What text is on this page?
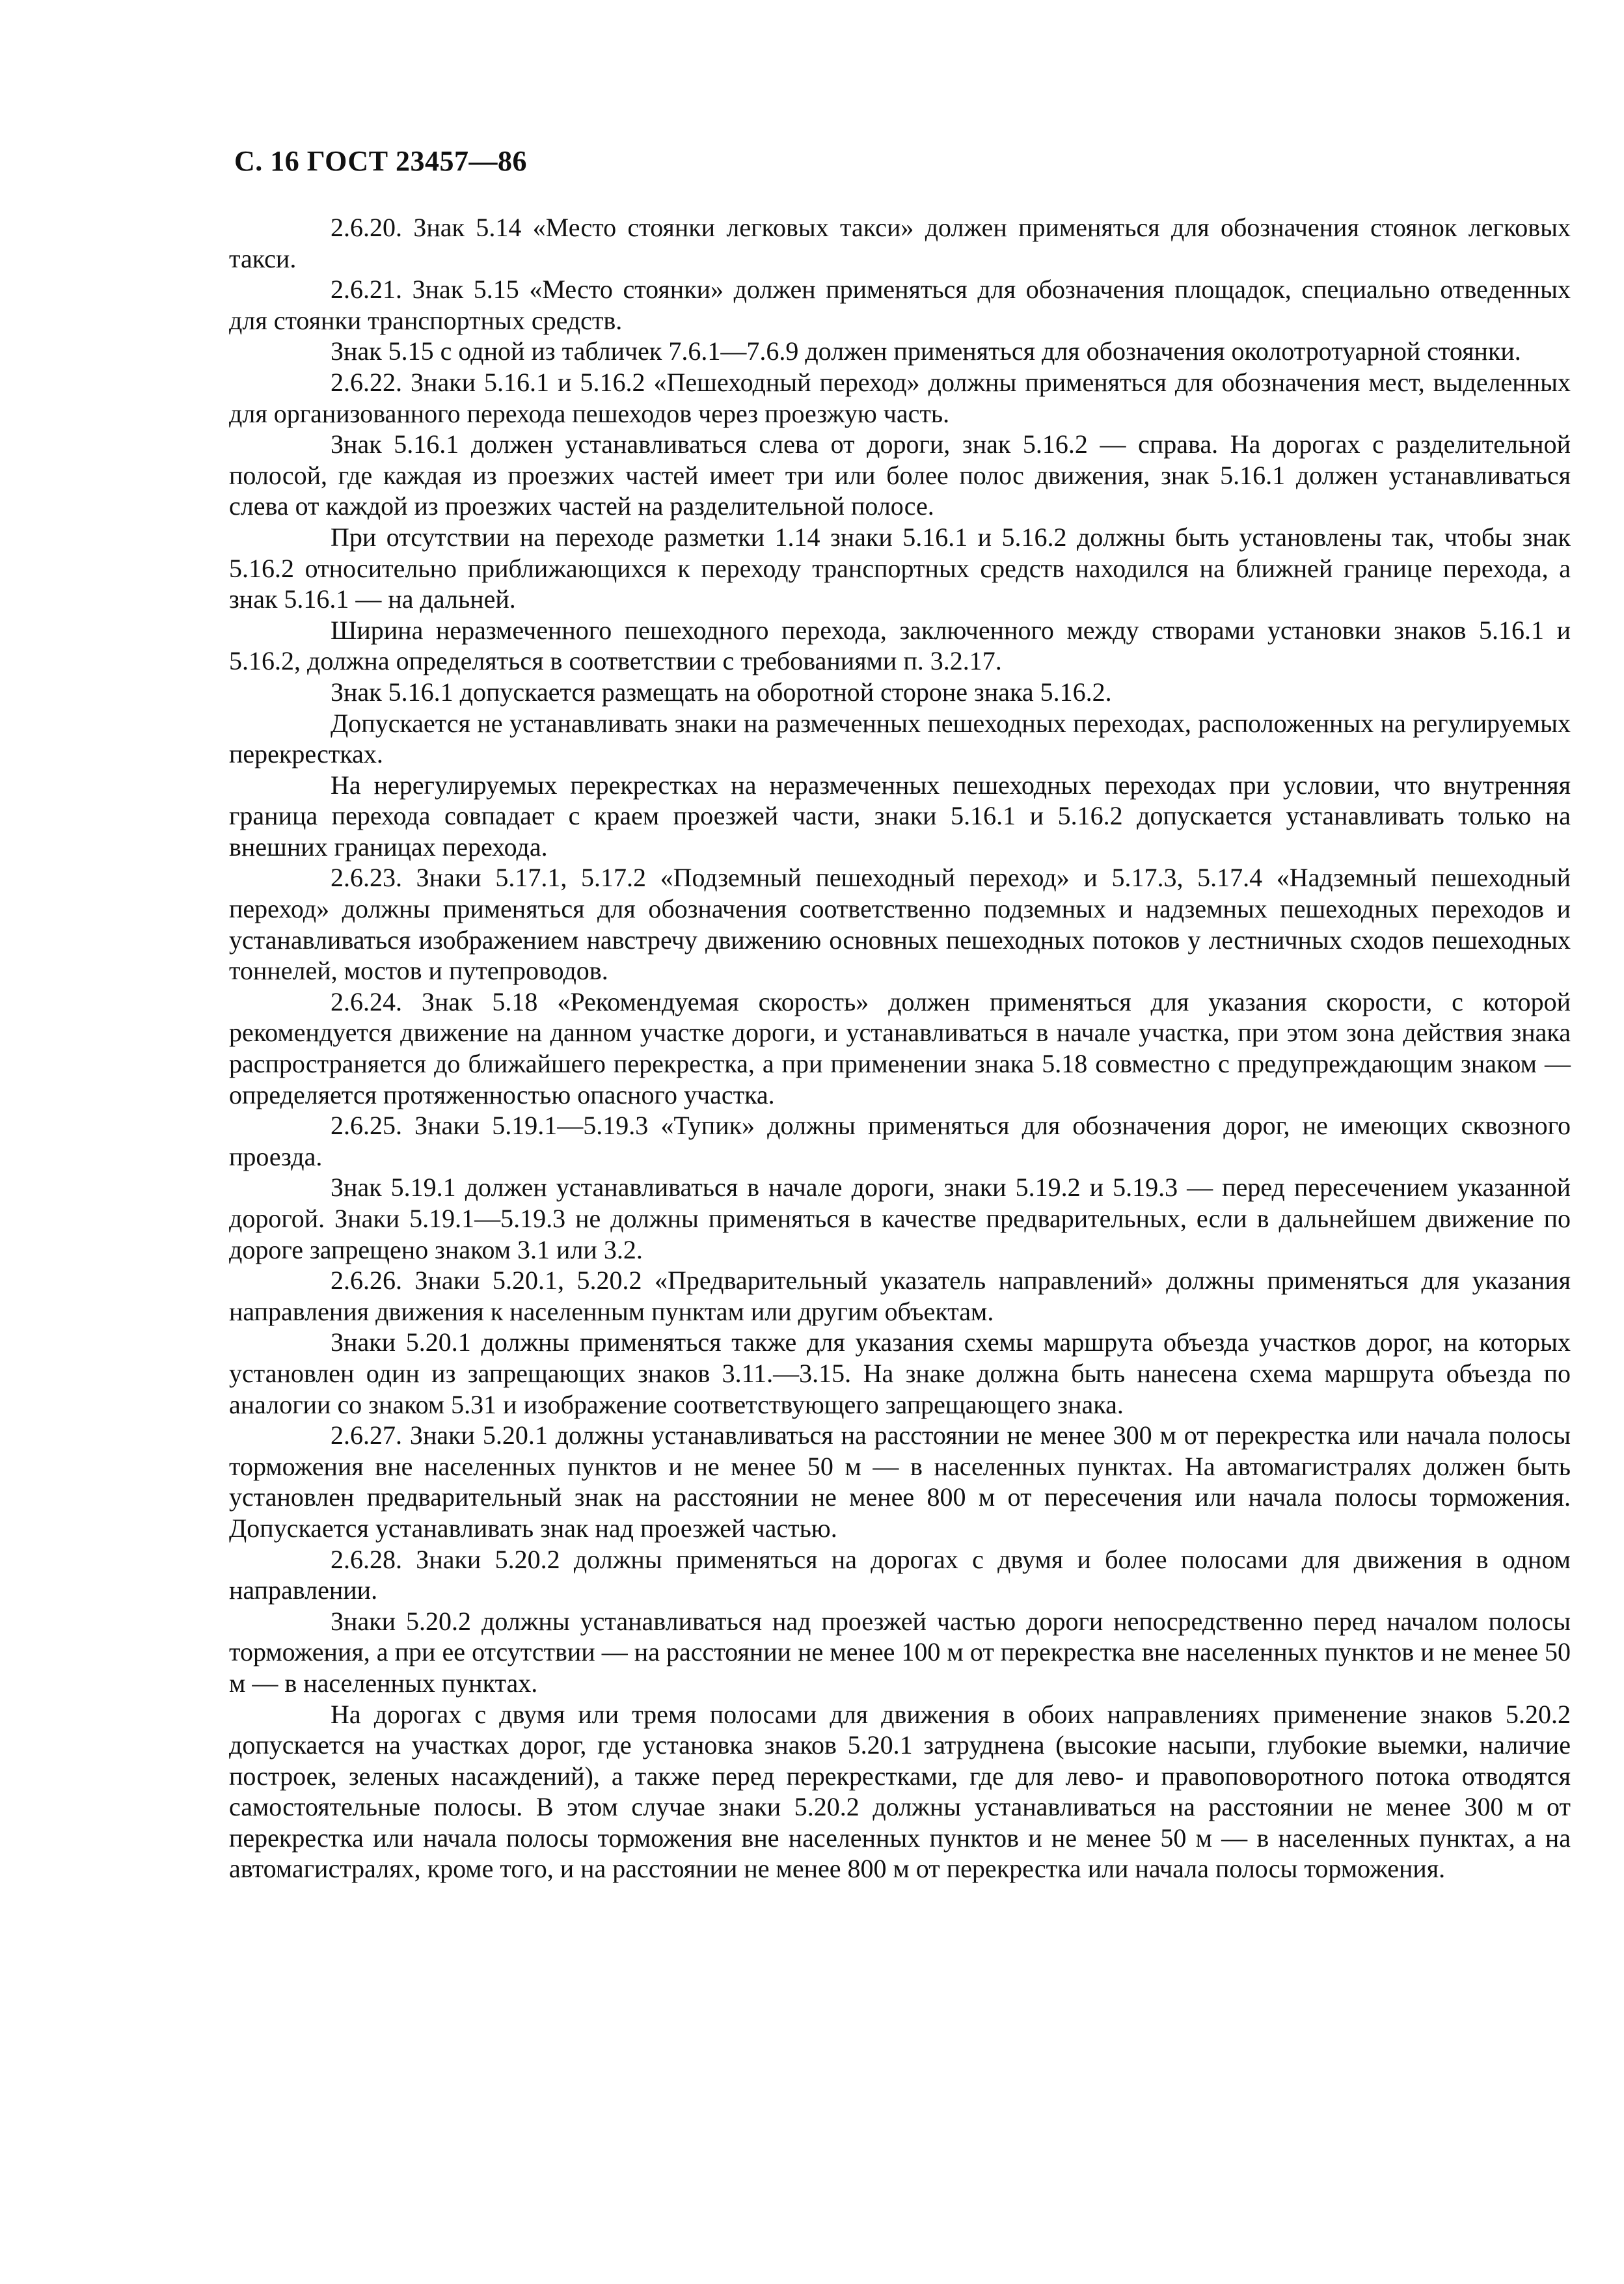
С. 16 ГОСТ 23457—86

2.6.20. Знак 5.14 «Место стоянки легковых такси» должен применяться для обозначения стоянок легковых такси.

2.6.21. Знак 5.15 «Место стоянки» должен применяться для обозначения площадок, специально отведенных для стоянки транспортных средств.

Знак 5.15 с одной из табличек 7.6.1—7.6.9 должен применяться для обозначения околотротуарной стоянки.

2.6.22. Знаки 5.16.1 и 5.16.2 «Пешеходный переход» должны применяться для обозначения мест, выделенных для организованного перехода пешеходов через проезжую часть.

Знак 5.16.1 должен устанавливаться слева от дороги, знак 5.16.2 — справа. На дорогах с разделительной полосой, где каждая из проезжих частей имеет три или более полос движения, знак 5.16.1 должен устанавливаться слева от каждой из проезжих частей на разделительной полосе.

При отсутствии на переходе разметки 1.14 знаки 5.16.1 и 5.16.2 должны быть установлены так, чтобы знак 5.16.2 относительно приближающихся к переходу транспортных средств находился на ближней границе перехода, а знак 5.16.1 — на дальней.

Ширина неразмеченного пешеходного перехода, заключенного между створами установки знаков 5.16.1 и 5.16.2, должна определяться в соответствии с требованиями п. 3.2.17.

Знак 5.16.1 допускается размещать на оборотной стороне знака 5.16.2.

Допускается не устанавливать знаки на размеченных пешеходных переходах, расположенных на регулируемых перекрестках.

На нерегулируемых перекрестках на неразмеченных пешеходных переходах при условии, что внутренняя граница перехода совпадает с краем проезжей части, знаки 5.16.1 и 5.16.2 допускается устанавливать только на внешних границах перехода.

2.6.23. Знаки 5.17.1, 5.17.2 «Подземный пешеходный переход» и 5.17.3, 5.17.4 «Надземный пешеходный переход» должны применяться для обозначения соответственно подземных и надземных пешеходных переходов и устанавливаться изображением навстречу движению основных пешеходных потоков у лестничных сходов пешеходных тоннелей, мостов и путепроводов.

2.6.24. Знак 5.18 «Рекомендуемая скорость» должен применяться для указания скорости, с которой рекомендуется движение на данном участке дороги, и устанавливаться в начале участка, при этом зона действия знака распространяется до ближайшего перекрестка, а при применении знака 5.18 совместно с предупреждающим знаком — определяется протяженностью опасного участка.

2.6.25. Знаки 5.19.1—5.19.3 «Тупик» должны применяться для обозначения дорог, не имеющих сквозного проезда.

Знак 5.19.1 должен устанавливаться в начале дороги, знаки 5.19.2 и 5.19.3 — перед пересечением указанной дорогой. Знаки 5.19.1—5.19.3 не должны применяться в качестве предварительных, если в дальнейшем движение по дороге запрещено знаком 3.1 или 3.2.

2.6.26. Знаки 5.20.1, 5.20.2 «Предварительный указатель направлений» должны применяться для указания направления движения к населенным пунктам или другим объектам.

Знаки 5.20.1 должны применяться также для указания схемы маршрута объезда участков дорог, на которых установлен один из запрещающих знаков 3.11.—3.15. На знаке должна быть нанесена схема маршрута объезда по аналогии со знаком 5.31 и изображение соответствующего запрещающего знака.

2.6.27. Знаки 5.20.1 должны устанавливаться на расстоянии не менее 300 м от перекрестка или начала полосы торможения вне населенных пунктов и не менее 50 м — в населенных пунктах. На автомагистралях должен быть установлен предварительный знак на расстоянии не менее 800 м от пересечения или начала полосы торможения. Допускается устанавливать знак над проезжей частью.

2.6.28. Знаки 5.20.2 должны применяться на дорогах с двумя и более полосами для движения в одном направлении.

Знаки 5.20.2 должны устанавливаться над проезжей частью дороги непосредственно перед началом полосы торможения, а при ее отсутствии — на расстоянии не менее 100 м от перекрестка вне населенных пунктов и не менее 50 м — в населенных пунктах.

На дорогах с двумя или тремя полосами для движения в обоих направлениях применение знаков 5.20.2 допускается на участках дорог, где установка знаков 5.20.1 затруднена (высокие насыпи, глубокие выемки, наличие построек, зеленых насаждений), а также перед перекрестками, где для лево- и правоповоротного потока отводятся самостоятельные полосы. В этом случае знаки 5.20.2 должны устанавливаться на расстоянии не менее 300 м от перекрестка или начала полосы торможения вне населенных пунктов и не менее 50 м — в населенных пунктах, а на автомагистралях, кроме того, и на расстоянии не менее 800 м от перекрестка или начала полосы торможения.
